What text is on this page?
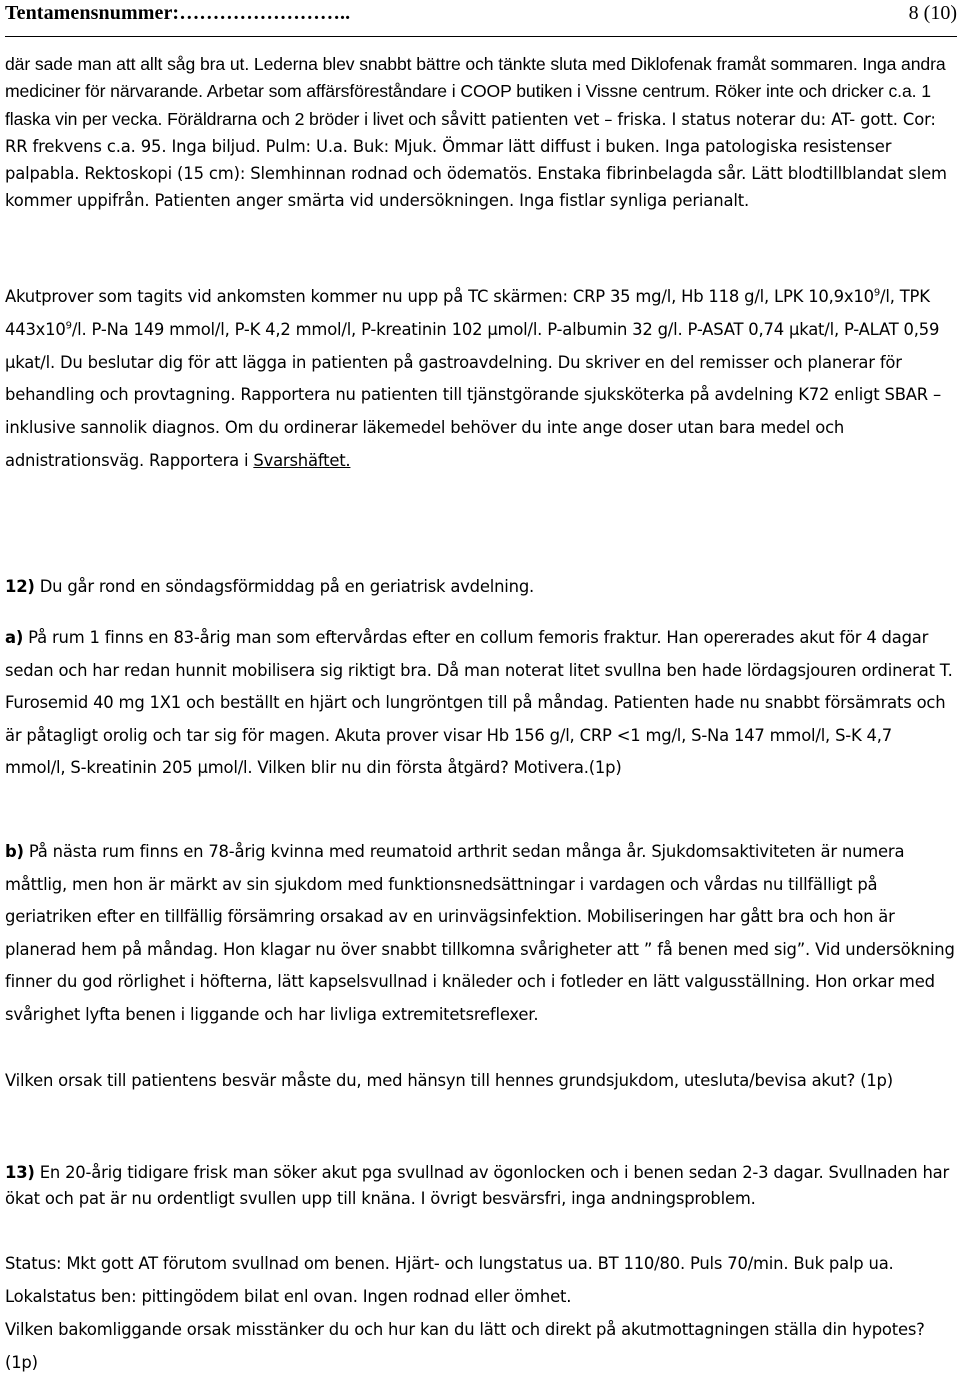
Tentamensnummer:……………………..	8 (10)

där sade man att allt såg bra ut. Lederna blev snabbt bättre och tänkte sluta med Diklofenak framåt sommaren. Inga andra mediciner för närvarande. Arbetar som affärsföreståndare i COOP butiken i Vissne centrum. Röker inte och dricker c.a. 1 flaska vin per vecka. Föräldrarna och 2 bröder i livet och såvitt patienten vet – friska. I status noterar du: AT- gott. Cor: RR frekvens c.a. 95. Inga biljud. Pulm: U.a. Buk: Mjuk. Ömmar lätt diffust i buken. Inga patologiska resistenser palpabla. Rektoskopi (15 cm): Slemhinnan rodnad och ödematös. Enstaka fibrinbelagda sår. Lätt blodtillblandat slem kommer uppifrån. Patienten anger smärta vid undersökningen. Inga fistlar synliga perianalt.

Akutprover som tagits vid ankomsten kommer nu upp på TC skärmen: CRP 35 mg/l, Hb 118 g/l, LPK $10,9x10^9/l$, TPK $443x10^9/l$. P-Na 149 mmol/l, P-K 4,2 mmol/l, P-kreatinin 102 µmol/l. P-albumin 32 g/l. P-ASAT 0,74 µkat/l, P-ALAT 0,59 µkat/l. Du beslutar dig för att lägga in patienten på gastroavdelning. Du skriver en del remisser och planerar för behandling och provtagning. Rapportera nu patienten till tjänstgörande sjuksköterka på avdelning K72 enligt SBAR – inklusive sannolik diagnos. Om du ordinerar läkemedel behöver du inte ange doser utan bara medel och adnistrationsväg. Rapportera i Svarshäftet.

12) Du går rond en söndagsförmiddag på en geriatrisk avdelning.

a) På rum 1 finns en 83-årig man som eftervårdas efter en collum femoris fraktur. Han opererades akut för 4 dagar sedan och har redan hunnit mobilisera sig riktigt bra. Då man noterat litet svullna ben hade lördagsjouren ordinerat T. Furosemid 40 mg 1X1 och beställt en hjärt och lungröntgen till på måndag. Patienten hade nu snabbt försämrats och är påtagligt orolig och tar sig för magen. Akuta prover visar Hb 156 g/l, CRP <1 mg/l, S-Na 147 mmol/l, S-K 4,7 mmol/l, S-kreatinin 205 µmol/l. Vilken blir nu din första åtgärd? Motivera.(1p)

b) På nästa rum finns en 78-årig kvinna med reumatoid arthrit sedan många år. Sjukdomsaktiviteten är numera måttlig, men hon är märkt av sin sjukdom med funktionsnedsättningar i vardagen och vårdas nu tillfälligt på geriatriken efter en tillfällig försämring orsakad av en urinvägsinfektion. Mobiliseringen har gått bra och hon är planerad hem på måndag. Hon klagar nu över snabbt tillkomna svårigheter att ” få benen med sig”. Vid undersökning finner du god rörlighet i höfterna, lätt kapselsvullnad i knäleder och i fotleder en lätt valgusställning. Hon orkar med svårighet lyfta benen i liggande och har livliga extremitetsreflexer.

Vilken orsak till patientens besvär måste du, med hänsyn till hennes grundsjukdom, utesluta/bevisa akut? (1p)

13) En 20-årig tidigare frisk man söker akut pga svullnad av ögonlocken och i benen sedan 2-3 dagar. Svullnaden har ökat och pat är nu ordentligt svullen upp till knäna. I övrigt besvärsfri, inga andningsproblem.

Status: Mkt gott AT förutom svullnad om benen. Hjärt- och lungstatus ua. BT 110/80. Puls 70/min. Buk palp ua. Lokalstatus ben: pittingödem bilat enl ovan. Ingen rodnad eller ömhet.

Vilken bakomliggande orsak misstänker du och hur kan du lätt och direkt på akutmottagningen ställa din hypotes? (1p)
